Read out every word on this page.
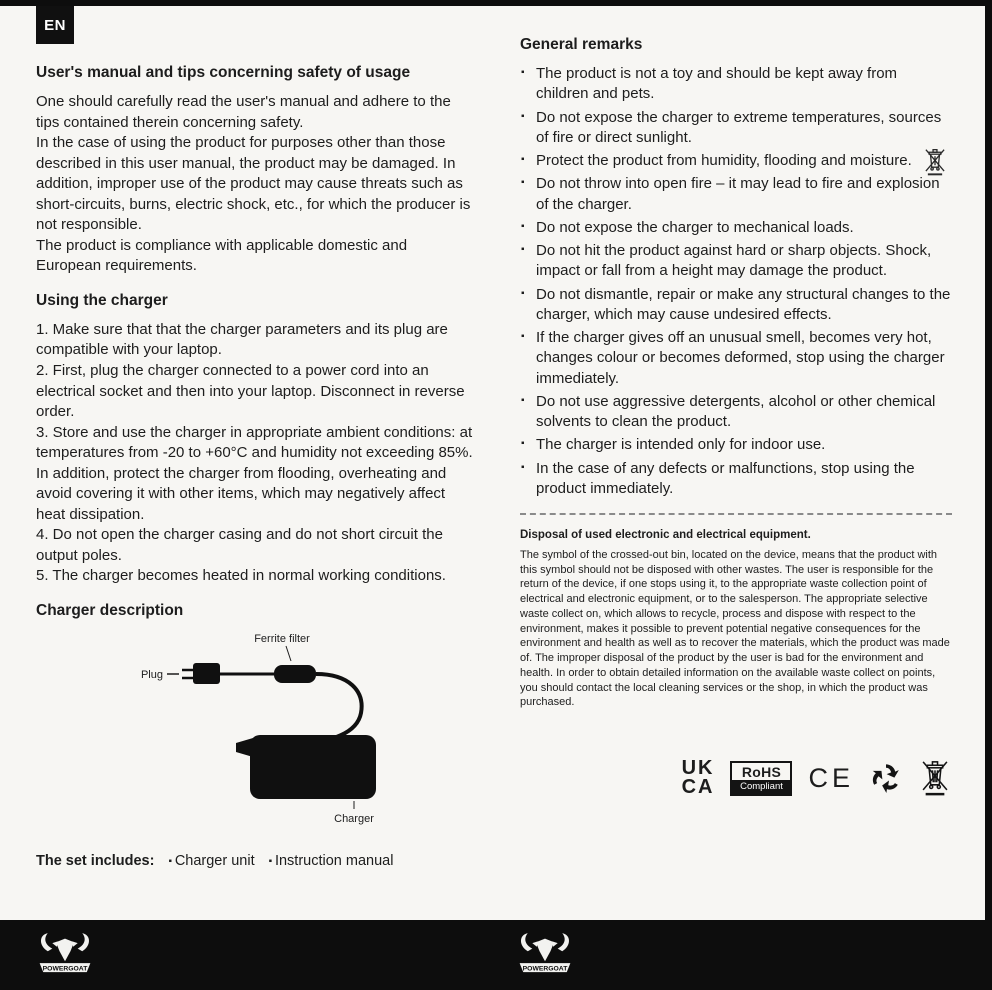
EN
User's manual and tips concerning safety of usage

One should carefully read the user's manual and adhere to the tips contained therein concerning safety.

In the case of using the product for purposes other than those described in this user manual, the product may be damaged. In addition, improper use of the product may cause threats such as short-circuits, burns, electric shock, etc., for which the producer is not responsible.

The product is compliance with applicable domestic and European requirements.

Using the charger

1. Make sure that that the charger parameters and its plug are compatible with your laptop.

2. First, plug the charger connected to a power cord into an electrical socket and then into your laptop. Disconnect in reverse order.

3. Store and use the charger in appropriate ambient conditions: at temperatures from -20 to +60°C and humidity not exceeding 85%. In addition, protect the charger from flooding, overheating and avoid covering it with other items, which may negatively affect heat dissipation.

4. Do not open the charger casing and do not short circuit the output poles.

5. The charger becomes heated in normal working conditions.

Charger description
Ferrite filter
Plug
Charger

The set includes: ▪ Charger unit ▪ Instruction manual

General remarks
▪ The product is not a toy and should be kept away from children and pets.
▪ Do not expose the charger to extreme temperatures, sources of fire or direct sunlight.
▪ Protect the product from humidity, flooding and moisture.
▪ Do not throw into open fire – it may lead to fire and explosion of the charger.
▪ Do not expose the charger to mechanical loads.
▪ Do not hit the product against hard or sharp objects. Shock, impact or fall from a height may damage the product.
▪ Do not dismantle, repair or make any structural changes to the charger, which may cause undesired effects.
▪ If the charger gives off an unusual smell, becomes very hot, changes colour or becomes deformed, stop using the charger immediately.
▪ Do not use aggressive detergents, alcohol or other chemical solvents to clean the product.
▪ The charger is intended only for indoor use.
▪ In the case of any defects or malfunctions, stop using the product immediately.
Disposal of used electronic and electrical equipment.

The symbol of the crossed-out bin, located on the device, means that the product with this symbol should not be disposed with other wastes. The user is responsible for the return of the device, if one stops using it, to the appropriate waste collection point of electrical and electronic equipment, or to the salesperson. The appropriate selective waste collect on, which allows to recycle, process and dispose with respect to the environment, makes it possible to prevent potential negative consequences for the environment and health as well as to recover the materials, which the product was made of. The improper disposal of the product by the user is bad for the environment and health. In order to obtain detailed information on the available waste collect on points, you should contact the local cleaning services or the shop, in which the product was purchased.

UK
CA
RoHS
Compliant CE
POWERGOAT	POWERGOAT
